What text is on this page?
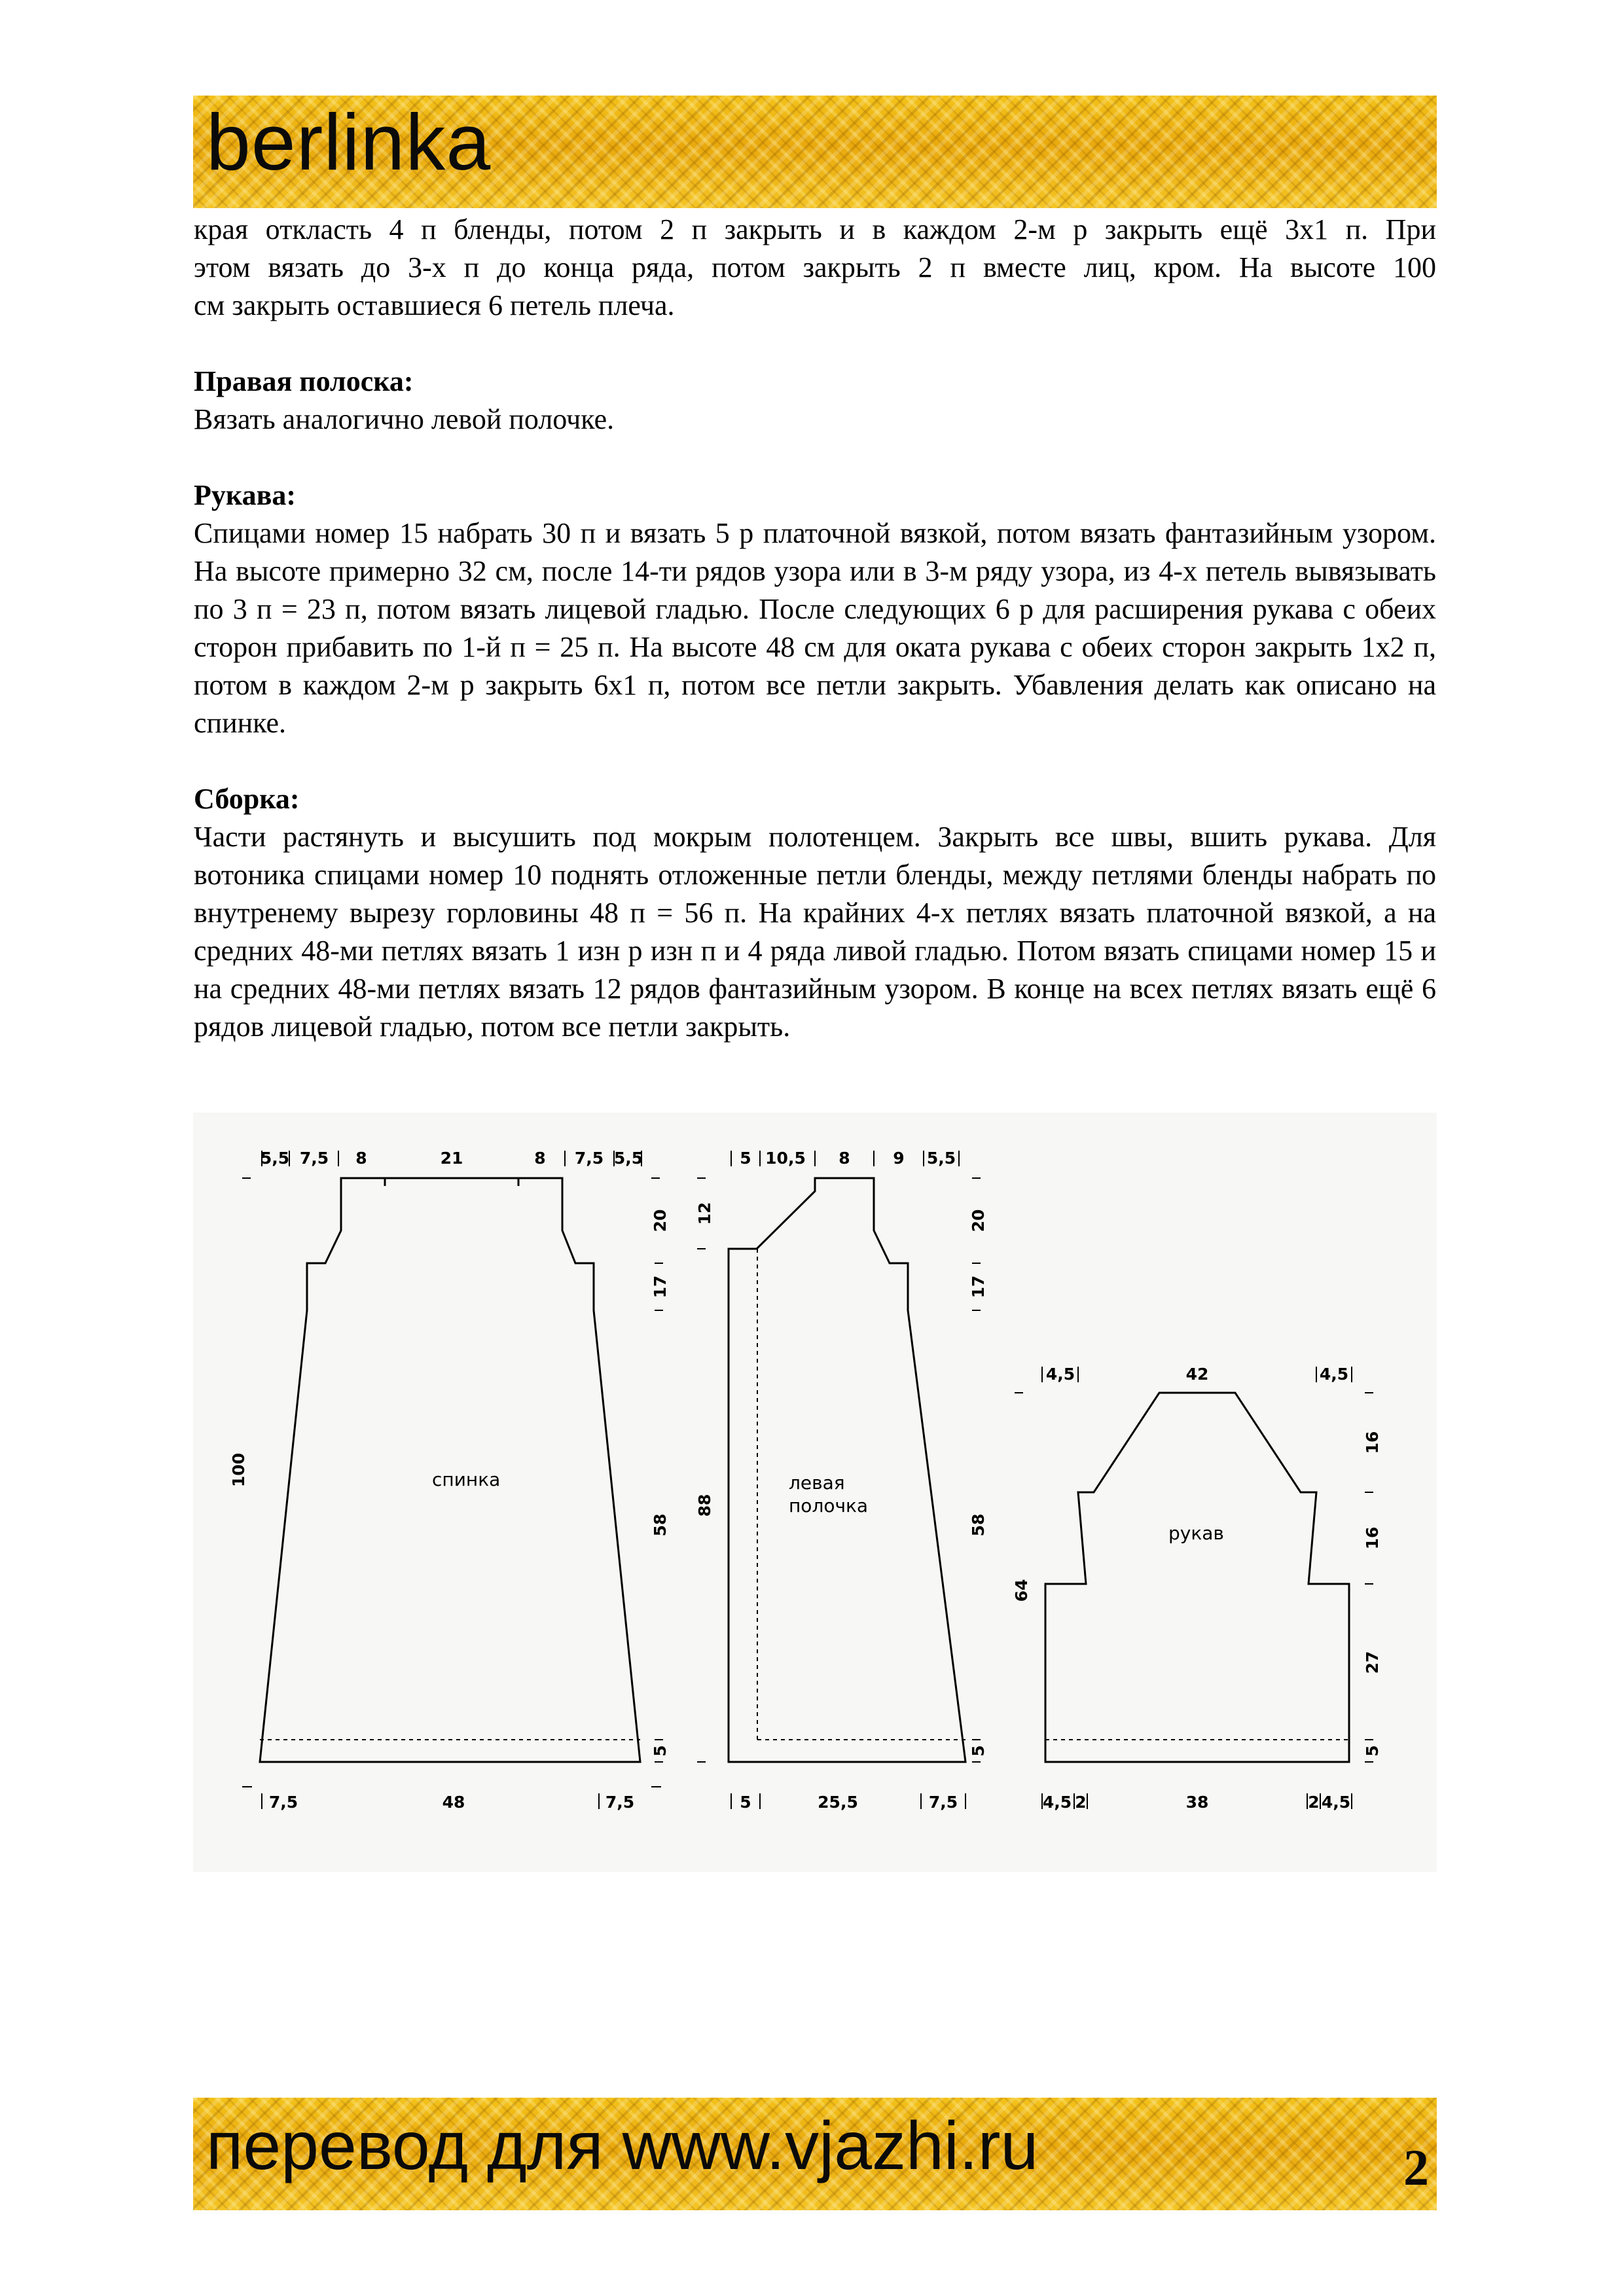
berlinka

края откласть 4 п бленды, потом 2 п закрыть и в каждом 2-м р закрыть ещё 3х1 п. При

этом вязать до 3-х п до конца ряда, потом закрыть 2 п вместе лиц, кром. На высоте 100

см закрыть оставшиеся 6 петель плеча.

Правая полоска:

Вязать аналогично левой полочке.

Рукава:

Спицами номер 15 набрать 30 п и вязать 5 р платочной вязкой, потом вязать фантазийным узором. На высоте примерно 32 см, после 14-ти рядов узора или в 3-м ряду узора, из 4-х петель вывязывать по 3 п = 23 п, потом вязать лицевой гладью. После следующих 6 р для расширения рукава с обеих сторон прибавить по 1-й п = 25 п. На высоте 48 см для оката рукава с обеих сторон закрыть 1х2 п, потом в каждом 2-м р закрыть 6х1 п, потом все петли закрыть. Убавления делать как описано на спинке.

Сборка:

Части растянуть и высушить под мокрым полотенцем. Закрыть все швы, вшить рукава. Для вотоника спицами номер 10 поднять отложенные петли бленды, между петлями бленды набрать по внутренему вырезу горловины 48 п = 56 п. На крайних 4-х петлях вязать платочной вязкой, а на средних 48-ми петлях вязать 1 изн р изн п и 4 ряда ливой гладью. Потом вязать спицами номер 15 и на средних 48-ми петлях вязать 12 рядов фантазийным узором. В конце на всех петлях вязать ещё 6 рядов лицевой гладью, потом все петли закрыть.

5,5 7,5 8	21	8 7,5 5,5
7,5	48	7,5
100
20
17
58
5
спинка
5 10,5 8	9 5,5
5	25,5	7,5
12
88
20
17
58
5
левая
полочка
4,5	42	4,5
4,5 2	38	2 4,5
64
16
16
27
5
рукав
перевод для www.vjazhi.ru	2
